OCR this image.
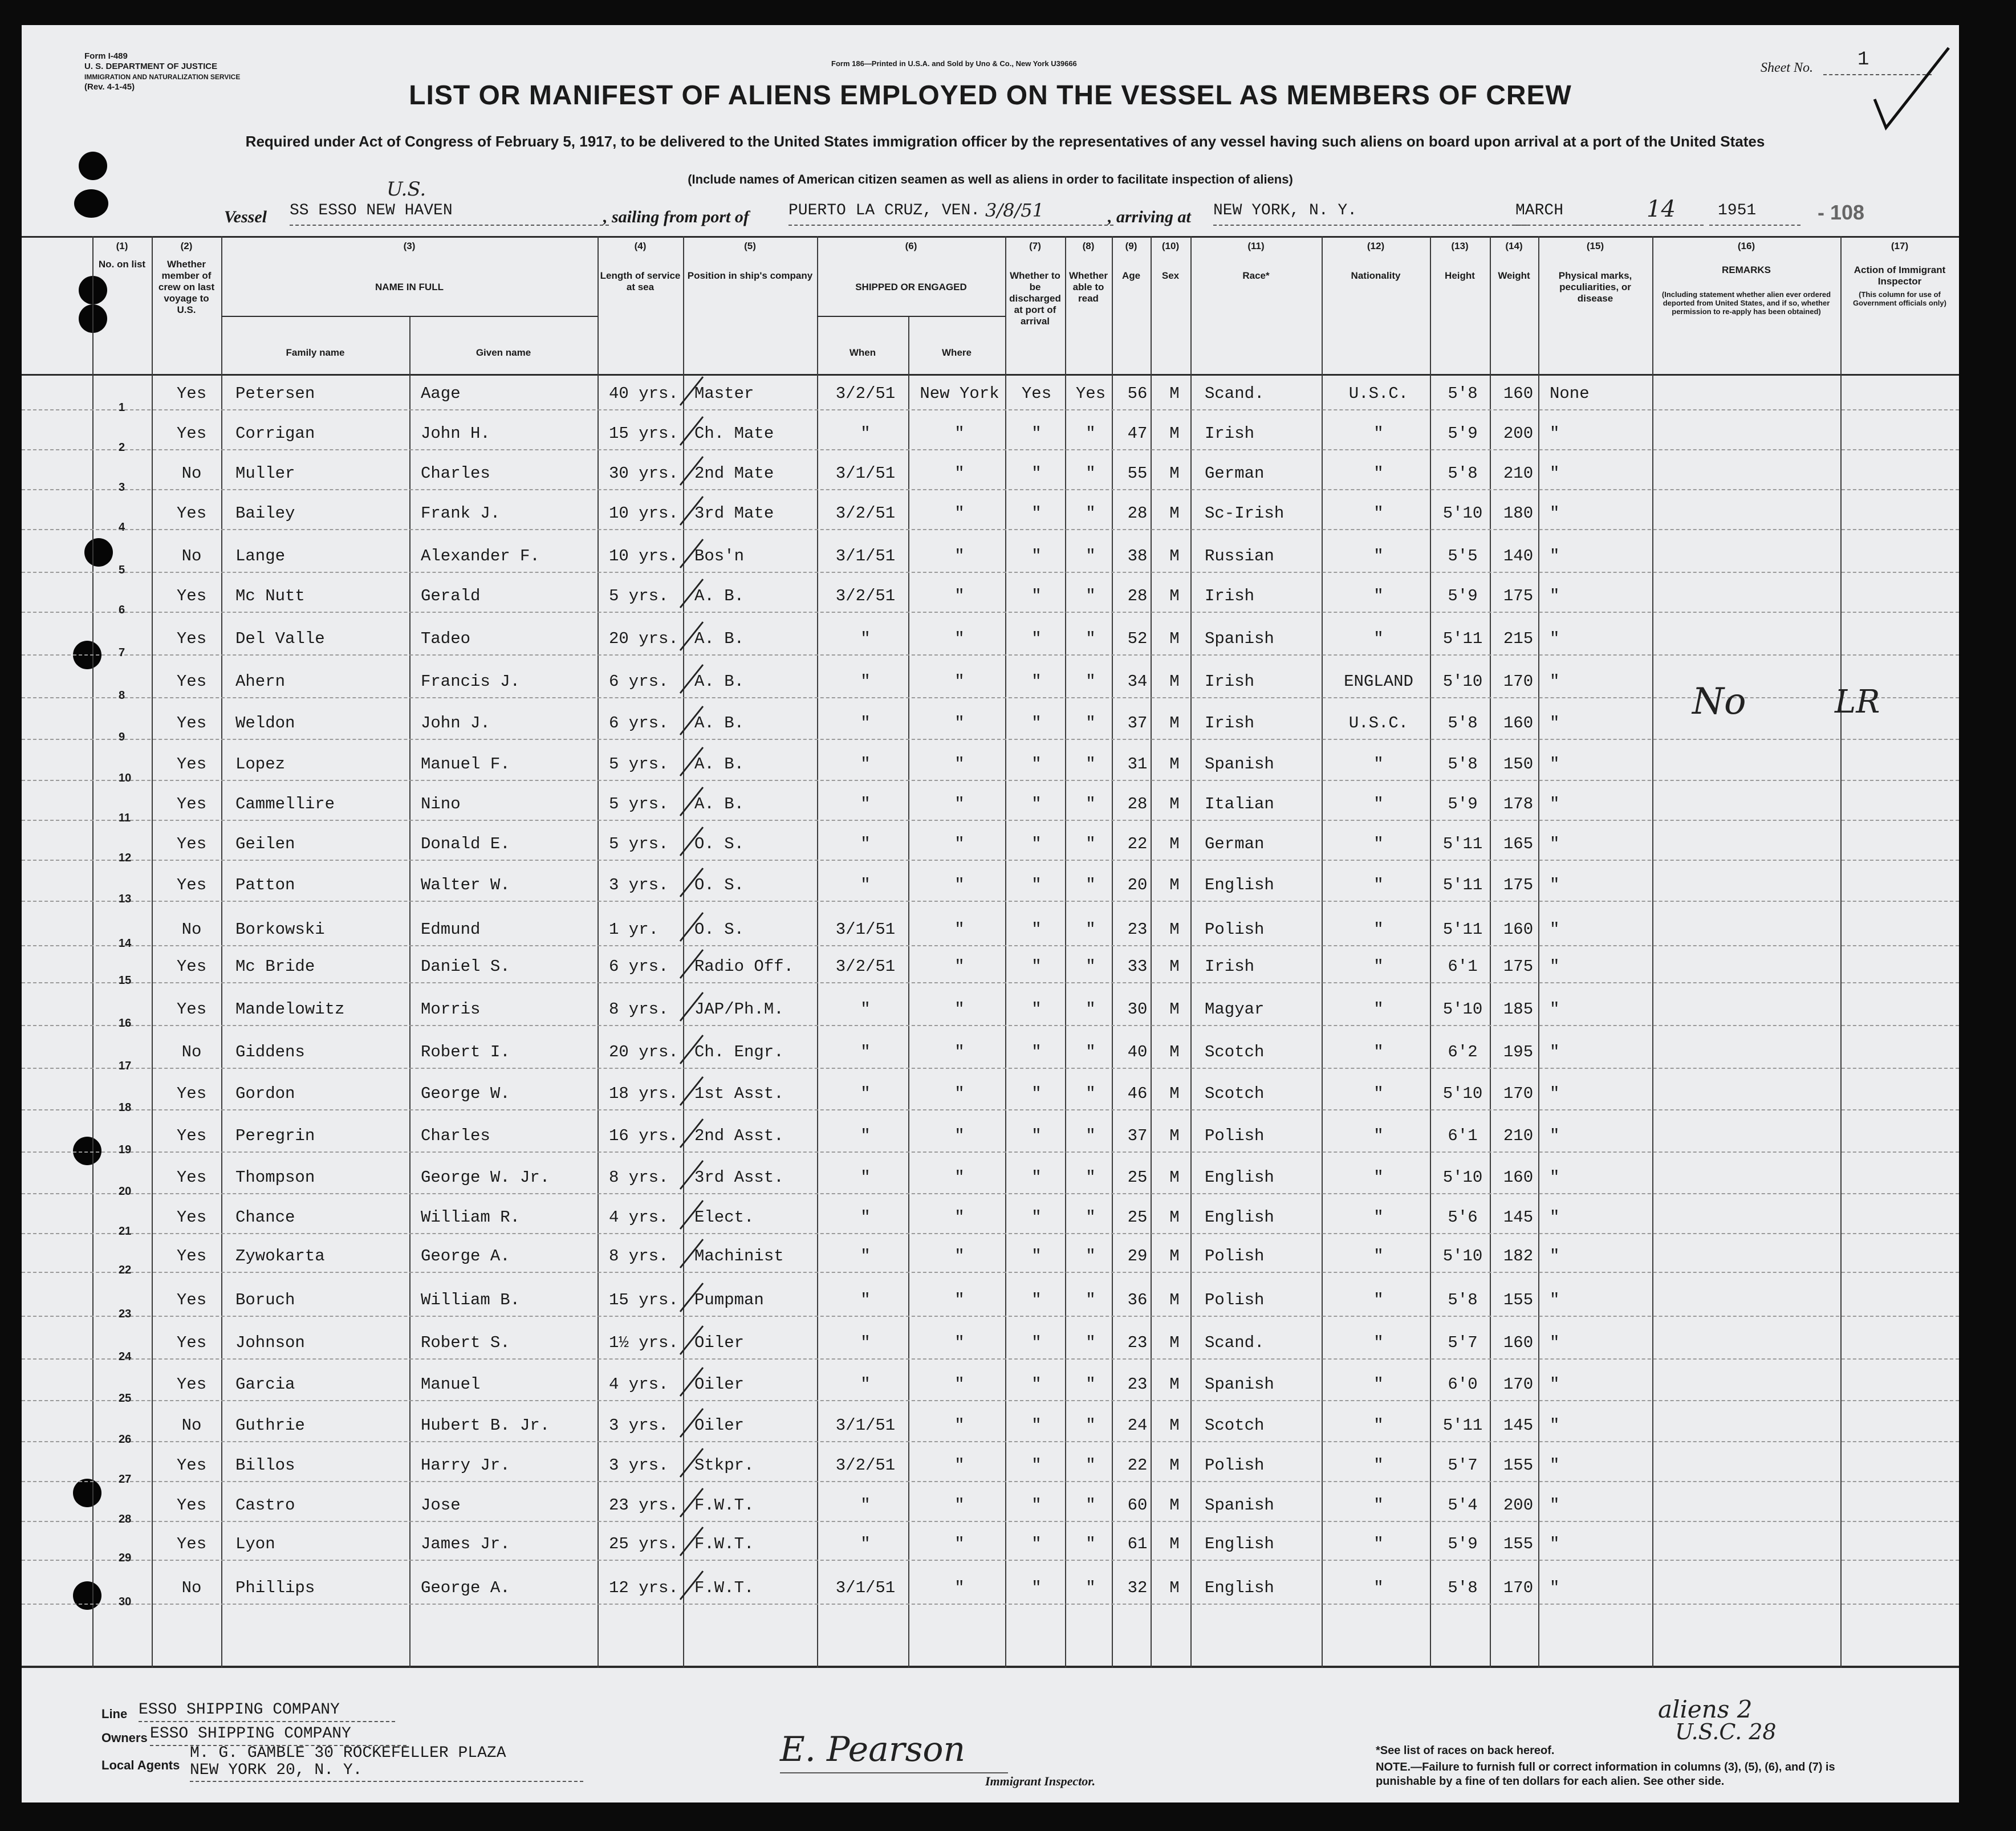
Form I-489
U. S. DEPARTMENT OF JUSTICE
IMMIGRATION AND NATURALIZATION SERVICE
(Rev. 4-1-45)
Form 186—Printed in U.S.A. and Sold by Uno & Co., New York U39666	Sheet No. 1
LIST OR MANIFEST OF ALIENS EMPLOYED ON THE VESSEL AS MEMBERS OF CREW
Required under Act of Congress of February 5, 1917, to be delivered to the United States immigration officer by the representatives of any vessel having such aliens on board upon arrival at a port of the United States
(Include names of American citizen seamen as well as aliens in order to facilitate inspection of aliens)
Vessel
U.S.
SS ESSO NEW HAVEN	, sailing from port of PUERTO LA CRUZ, VEN. 3/8/51	, arriving at NEW YORK, N. Y.	MARCH	14	1951	- 108
(1)
No. on list
(2)
Whether member of crew on last voyage to U.S.
(3)
NAME IN FULL
Family name	Given name
(4)
Length of service at sea
(5)
Position in ship's company
(6)
SHIPPED OR ENGAGED
When	Where
(7)
Whether to be discharged at port of arrival
(8)
Whether able to read
(9)
Age
(10)
Sex
(11)
Race*
(12)
Nationality
(13)
Height
(14)
Weight
(15)
Physical marks, peculiarities, or disease
(16)
REMARKS
(Including statement whether alien ever ordered deported from United States, and if so, whether permission to re-apply has been obtained)
(17)
Action of Immigrant Inspector
(This column for use of Government officials only)
1
Yes	Petersen	Aage	40 yrs. Master	3/2/51	New York	Yes	Yes	56	M	Scand.	U.S.C.	5'8	160 None
2
Yes	Corrigan	John H.	15 yrs. Ch. Mate	"	"	"	"	47	M	Irish	"	5'9	200 "
3
No	Muller	Charles	30 yrs. 2nd Mate	3/1/51	"	"	"	55	M	German	"	5'8	210 "
4
Yes	Bailey	Frank J.	10 yrs. 3rd Mate	3/2/51	"	"	"	28	M	Sc-Irish	"	5'10	180 "
5
No	Lange	Alexander F.	10 yrs. Bos'n	3/1/51	"	"	"	38	M	Russian	"	5'5	140 "
6
Yes	Mc Nutt	Gerald	5 yrs.	A. B.	3/2/51	"	"	"	28	M	Irish	"	5'9	175 "
7
Yes	Del Valle	Tadeo	20 yrs. A. B.	"	"	"	"	52	M	Spanish	"	5'11	215 "
8
Yes	Ahern	Francis J.	6 yrs.	A. B.	"	"	"	"	34	M	Irish	ENGLAND	5'10	170 "
9
Yes	Weldon	John J.	6 yrs.	A. B.	"	"	"	"	37	M	Irish	U.S.C.	5'8	160 "
10
Yes	Lopez	Manuel F.	5 yrs.	A. B.	"	"	"	"	31	M	Spanish	"	5'8	150 "
11
Yes	Cammellire	Nino	5 yrs.	A. B.	"	"	"	"	28	M	Italian	"	5'9	178 "
12
Yes	Geilen	Donald E.	5 yrs.	O. S.	"	"	"	"	22	M	German	"	5'11	165 "
13
Yes	Patton	Walter W.	3 yrs.	O. S.	"	"	"	"	20	M	English	"	5'11	175 "
14
No	Borkowski	Edmund	1 yr.	O. S.	3/1/51	"	"	"	23	M	Polish	"	5'11	160 "
15
Yes	Mc Bride	Daniel S.	6 yrs.	Radio Off.	3/2/51	"	"	"	33	M	Irish	"	6'1	175 "
16
Yes	Mandelowitz	Morris	8 yrs.	JAP/Ph.M.	"	"	"	"	30	M	Magyar	"	5'10	185 "
17
No	Giddens	Robert I.	20 yrs. Ch. Engr.	"	"	"	"	40	M	Scotch	"	6'2	195 "
18
Yes	Gordon	George W.	18 yrs. 1st Asst.	"	"	"	"	46	M	Scotch	"	5'10	170 "
19
Yes	Peregrin	Charles	16 yrs. 2nd Asst.	"	"	"	"	37	M	Polish	"	6'1	210 "
20
Yes	Thompson	George W. Jr.	8 yrs.	3rd Asst.	"	"	"	"	25	M	English	"	5'10	160 "
21
Yes	Chance	William R.	4 yrs.	Elect.	"	"	"	"	25	M	English	"	5'6	145 "
22
Yes	Zywokarta	George A.	8 yrs.	Machinist	"	"	"	"	29	M	Polish	"	5'10	182 "
23
Yes	Boruch	William B.	15 yrs. Pumpman	"	"	"	"	36	M	Polish	"	5'8	155 "
24
Yes	Johnson	Robert S.	1½ yrs. Oiler	"	"	"	"	23	M	Scand.	"	5'7	160 "
25
Yes	Garcia	Manuel	4 yrs.	Oiler	"	"	"	"	23	M	Spanish	"	6'0	170 "
26
No	Guthrie	Hubert B. Jr.	3 yrs.	Oiler	3/1/51	"	"	"	24	M	Scotch	"	5'11	145 "
27
Yes	Billos	Harry Jr.	3 yrs.	Stkpr.	3/2/51	"	"	"	22	M	Polish	"	5'7	155 "
28
Yes	Castro	Jose	23 yrs. F.W.T.	"	"	"	"	60	M	Spanish	"	5'4	200 "
29
Yes	Lyon	James Jr.	25 yrs. F.W.T.	"	"	"	"	61	M	English	"	5'9	155 "
30
No	Phillips	George A.	12 yrs. F.W.T.	3/1/51	"	"	"	32	M	English	"	5'8	170 "
No	LR
Line ESSO SHIPPING COMPANY
Owners ESSO SHIPPING COMPANY
Local Agents
M. G. GAMBLE 30 ROCKEFELLER PLAZA
NEW YORK 20, N. Y.
E. Pearson
Immigrant Inspector.
*See list of races on back hereof.
NOTE.—Failure to furnish full or correct information in columns (3), (5), (6), and (7) is punishable by a fine of ten dollars for each alien. See other side.
aliens 2
U.S.C. 28
